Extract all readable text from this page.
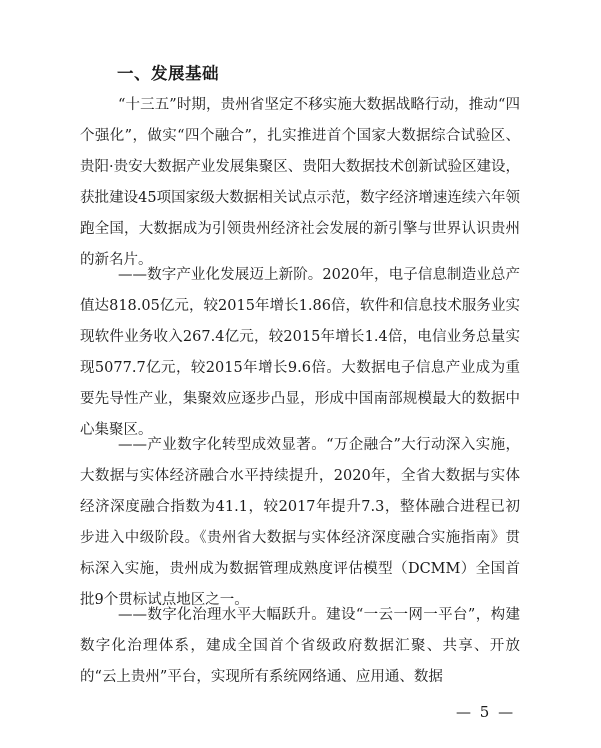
一、发展基础

“十三五”时期，贵州省坚定不移实施大数据战略行动，推动“四个强化”，做实“四个融合”，扎实推进首个国家大数据综合试验区、贵阳·贵安大数据产业发展集聚区、贵阳大数据技术创新试验区建设，获批建设45项国家级大数据相关试点示范，数字经济增速连续六年领跑全国，大数据成为引领贵州经济社会发展的新引擎与世界认识贵州的新名片。

——数字产业化发展迈上新阶。2020年，电子信息制造业总产值达818.05亿元，较2015年增长1.86倍，软件和信息技术服务业实现软件业务收入267.4亿元，较2015年增长1.4倍，电信业务总量实现5077.7亿元，较2015年增长9.6倍。大数据电子信息产业成为重要先导性产业，集聚效应逐步凸显，形成中国南部规模最大的数据中心集聚区。

——产业数字化转型成效显著。“万企融合”大行动深入实施，大数据与实体经济融合水平持续提升，2020年，全省大数据与实体经济深度融合指数为41.1，较2017年提升7.3，整体融合进程已初步进入中级阶段。《贵州省大数据与实体经济深度融合实施指南》贯标深入实施，贵州成为数据管理成熟度评估模型（DCMM）全国首批9个贯标试点地区之一。

——数字化治理水平大幅跃升。建设“一云一网一平台”，构建数字化治理体系，建成全国首个省级政府数据汇聚、共享、开放的“云上贵州”平台，实现所有系统网络通、应用通、数据

— 5 —
